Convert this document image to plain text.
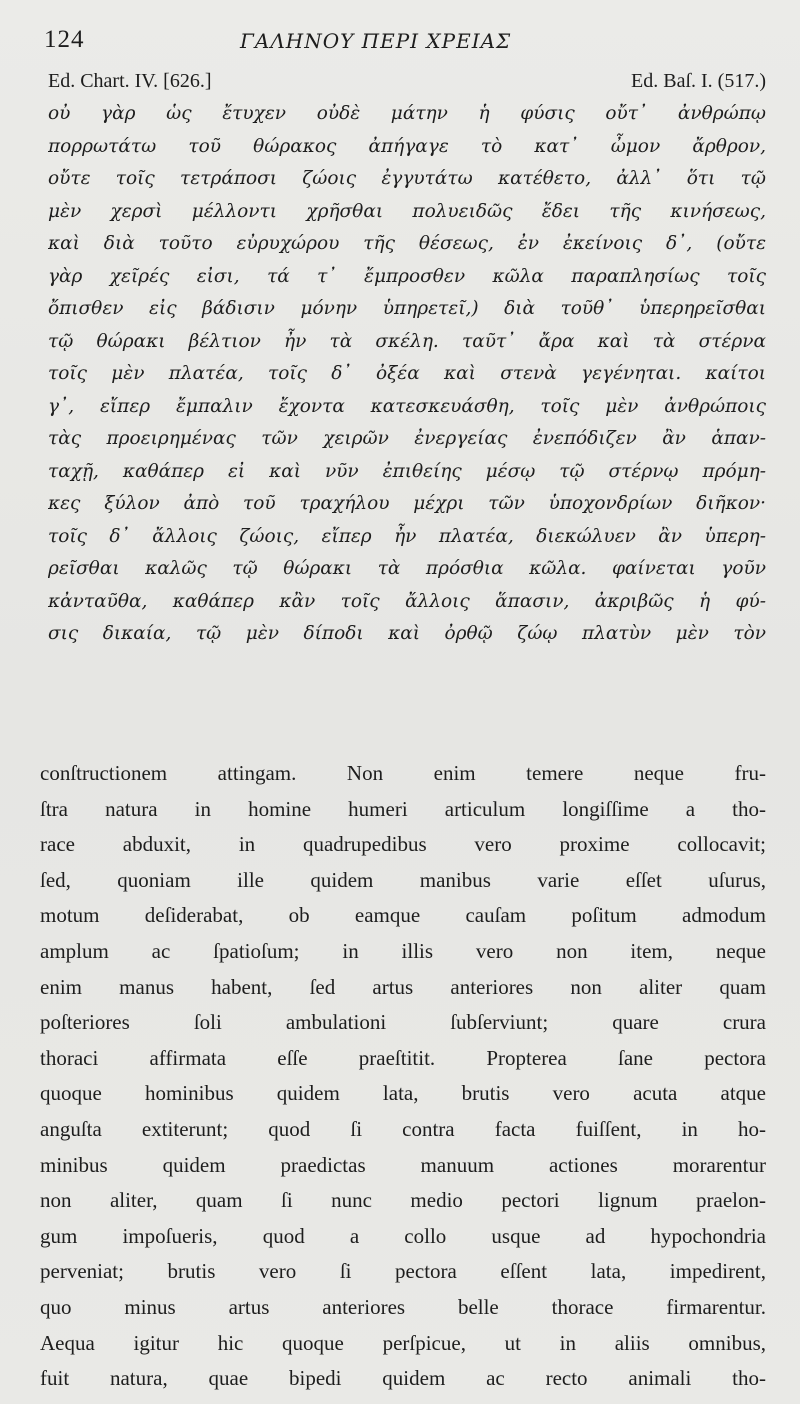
124	ΓΑΛΗΝΟΥ ΠΕΡΙ ΧΡΕΙΑΣ
Ed. Chart. IV. [626.]	Ed. Baſ. I. (517.)
οὐ γὰρ ὡς ἔτυχεν οὐδὲ μάτην ἡ φύσις οὔτ᾽ ἀνθρώπῳ
πορρωτάτω τοῦ θώρακος ἀπήγαγε τὸ κατ᾽ ὦμον ἄρθρον,
οὔτε τοῖς τετράποσι ζώοις ἐγγυτάτω κατέθετο, ἀλλ᾽ ὅτι τῷ
μὲν χερσὶ μέλλοντι χρῆσθαι πολυειδῶς ἔδει τῆς κινήσεως,
καὶ διὰ τοῦτο εὐρυχώρου τῆς θέσεως, ἐν ἐκείνοις δ᾽, (οὔτε
γὰρ χεῖρές εἰσι, τά τ᾽ ἔμπροσθεν κῶλα παραπλησίως τοῖς
ὄπισθεν εἰς βάδισιν μόνην ὑπηρετεῖ,) διὰ τοῦθ᾽ ὑπερηρεῖσθαι
τῷ θώρακι βέλτιον ἦν τὰ σκέλη. ταῦτ᾽ ἄρα καὶ τὰ στέρνα
τοῖς μὲν πλατέα, τοῖς δ᾽ ὀξέα καὶ στενὰ γεγένηται. καίτοι
γ᾽, εἴπερ ἔμπαλιν ἔχοντα κατεσκευάσθη, τοῖς μὲν ἀνθρώποις
τὰς προειρημένας τῶν χειρῶν ἐνεργείας ἐνεπόδιζεν ἂν ἁπαν-
ταχῇ, καθάπερ εἰ καὶ νῦν ἐπιθείης μέσῳ τῷ στέρνῳ πρόμη-
κες ξύλον ἀπὸ τοῦ τραχήλου μέχρι τῶν ὑποχονδρίων διῆκον·
τοῖς δ᾽ ἄλλοις ζώοις, εἴπερ ἦν πλατέα, διεκώλυεν ἂν ὑπερη-
ρεῖσθαι καλῶς τῷ θώρακι τὰ πρόσθια κῶλα. φαίνεται γοῦν
κἀνταῦθα, καθάπερ κἂν τοῖς ἄλλοις ἅπασιν, ἀκριβῶς ἡ φύ-
σις δικαία, τῷ μὲν δίποδι καὶ ὀρθῷ ζώῳ πλατὺν μὲν τὸν
conſtructionem attingam. Non enim temere neque fru-
ſtra natura in homine humeri articulum longiſſime a tho-
race abduxit, in quadrupedibus vero proxime collocavit;
ſed, quoniam ille quidem manibus varie eſſet uſurus,
motum deſiderabat, ob eamque cauſam poſitum admodum
amplum ac ſpatioſum; in illis vero non item, neque
enim manus habent, ſed artus anteriores non aliter quam
poſteriores ſoli ambulationi ſubſerviunt; quare crura
thoraci affirmata eſſe praeſtitit. Propterea ſane pectora
quoque hominibus quidem lata, brutis vero acuta atque
anguſta extiterunt; quod ſi contra facta fuiſſent, in ho-
minibus quidem praedictas manuum actiones morarentur
non aliter, quam ſi nunc medio pectori lignum praelon-
gum impoſueris, quod a collo usque ad hypochondria
perveniat; brutis vero ſi pectora eſſent lata, impedirent,
quo minus artus anteriores belle thorace firmarentur.
Aequa igitur hic quoque perſpicue, ut in aliis omnibus,
fuit natura, quae bipedi quidem ac recto animali tho-
